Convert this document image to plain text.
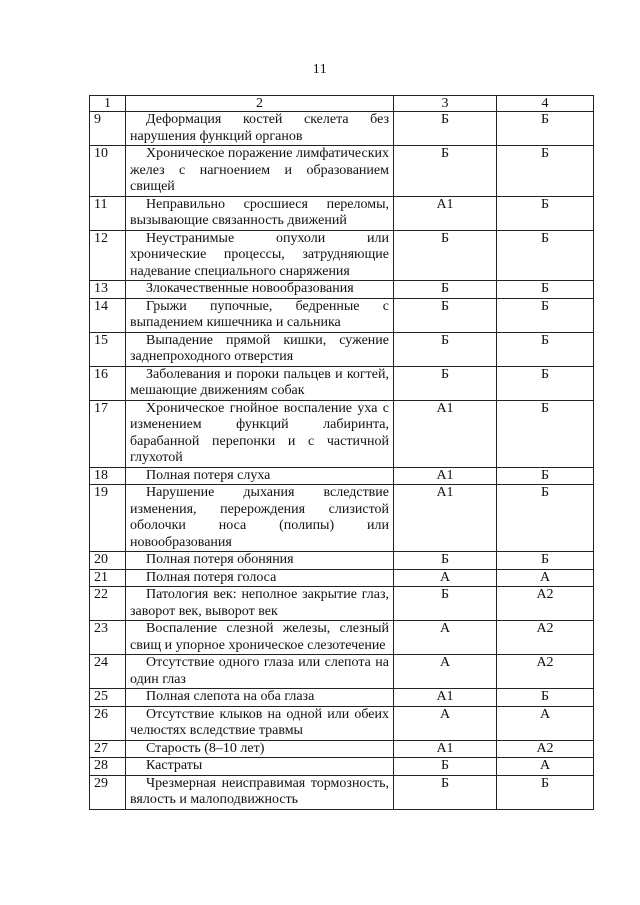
11
1	2	3	4
9	Деформация костей скелета без нарушения функций органов	Б	Б
10	Хроническое поражение лимфатических желез с нагноением и образованием свищей	Б	Б
11	Неправильно сросшиеся переломы, вызывающие связанность движений	А1	Б
12	Неустранимые опухоли или хронические процессы, затрудняющие надевание специального снаряжения	Б	Б
13	Злокачественные новообразования	Б	Б
14	Грыжи пупочные, бедренные с выпадением кишечника и сальника	Б	Б
15	Выпадение прямой кишки, сужение заднепроходного отверстия	Б	Б
16	Заболевания и пороки пальцев и когтей, мешающие движениям собак	Б	Б
17	Хроническое гнойное воспаление уха с изменением функций лабиринта, барабанной перепонки и с частичной глухотой	А1	Б
18	Полная потеря слуха	А1	Б
19	Нарушение дыхания вследствие изменения, перерождения слизистой оболочки носа (полипы) или новообразования	А1	Б
20	Полная потеря обоняния	Б	Б
21	Полная потеря голоса	А	А
22	Патология век: неполное закрытие глаз, заворот век, выворот век	Б	А2
23	Воспаление слезной железы, слезный свищ и упорное хроническое слезотечение	А	А2
24	Отсутствие одного глаза или слепота на один глаз	А	А2
25	Полная слепота на оба глаза	А1	Б
26	Отсутствие клыков на одной или обеих челюстях вследствие травмы	А	А
27	Старость (8–10 лет)	А1	А2
28	Кастраты	Б	А
29	Чрезмерная неисправимая тормозность, вялость и малоподвижность	Б	Б
